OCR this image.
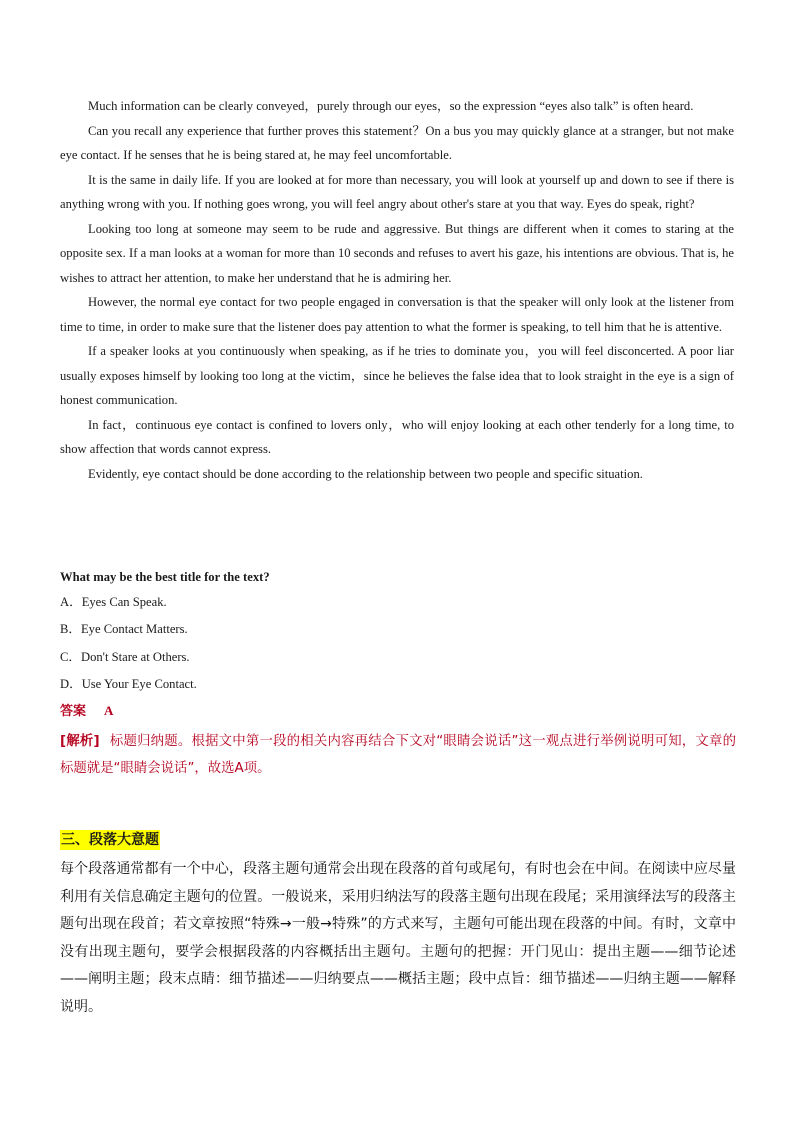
Much information can be clearly conveyed，purely through our eyes，so the expression “eyes also talk” is often heard.

Can you recall any experience that further proves this statement？On a bus you may quickly glance at a stranger, but not make eye contact. If he senses that he is being stared at, he may feel uncomfortable.

It is the same in daily life. If you are looked at for more than necessary, you will look at yourself up and down to see if there is anything wrong with you. If nothing goes wrong, you will feel angry about other's stare at you that way. Eyes do speak, right?

Looking too long at someone may seem to be rude and aggressive. But things are different when it comes to staring at the opposite sex. If a man looks at a woman for more than 10 seconds and refuses to avert his gaze, his intentions are obvious. That is, he wishes to attract her attention, to make her understand that he is admiring her.

However, the normal eye contact for two people engaged in conversation is that the speaker will only look at the listener from time to time, in order to make sure that the listener does pay attention to what the former is speaking, to tell him that he is attentive.

If a speaker looks at you continuously when speaking, as if he tries to dominate you，you will feel disconcerted. A poor liar usually exposes himself by looking too long at the victim，since he believes the false idea that to look straight in the eye is a sign of honest communication.

In fact，continuous eye contact is confined to lovers only，who will enjoy looking at each other tenderly for a long time, to show affection that words cannot express.

Evidently, eye contact should be done according to the relationship between two people and specific situation.

What may be the best title for the text?
A．Eyes Can Speak.
B．Eye Contact Matters.
C．Don't Stare at Others.
D．Use Your Eye Contact.
答案 A
[解析] 标题归纳题。根据文中第一段的相关内容再结合下文对“眼睛会说话”这一观点进行举例说明可知，文章的标题就是“眼睛会说话”，故选A项。
三、段落大意题
每个段落通常都有一个中心，段落主题句通常会出现在段落的首句或尾句，有时也会在中间。在阅读中应尽量利用有关信息确定主题句的位置。一般说来，采用归纳法写的段落主题句出现在段尾；采用演绎法写的段落主题句出现在段首；若文章按照“特殊→一般→特殊”的方式来写，主题句可能出现在段落的中间。有时，文章中没有出现主题句，要学会根据段落的内容概括出主题句。主题句的把握：开门见山：提出主题——细节论述——阐明主题；段末点睛：细节描述——归纳要点——概括主题；段中点旨：细节描述——归纳主题——解释说明。
